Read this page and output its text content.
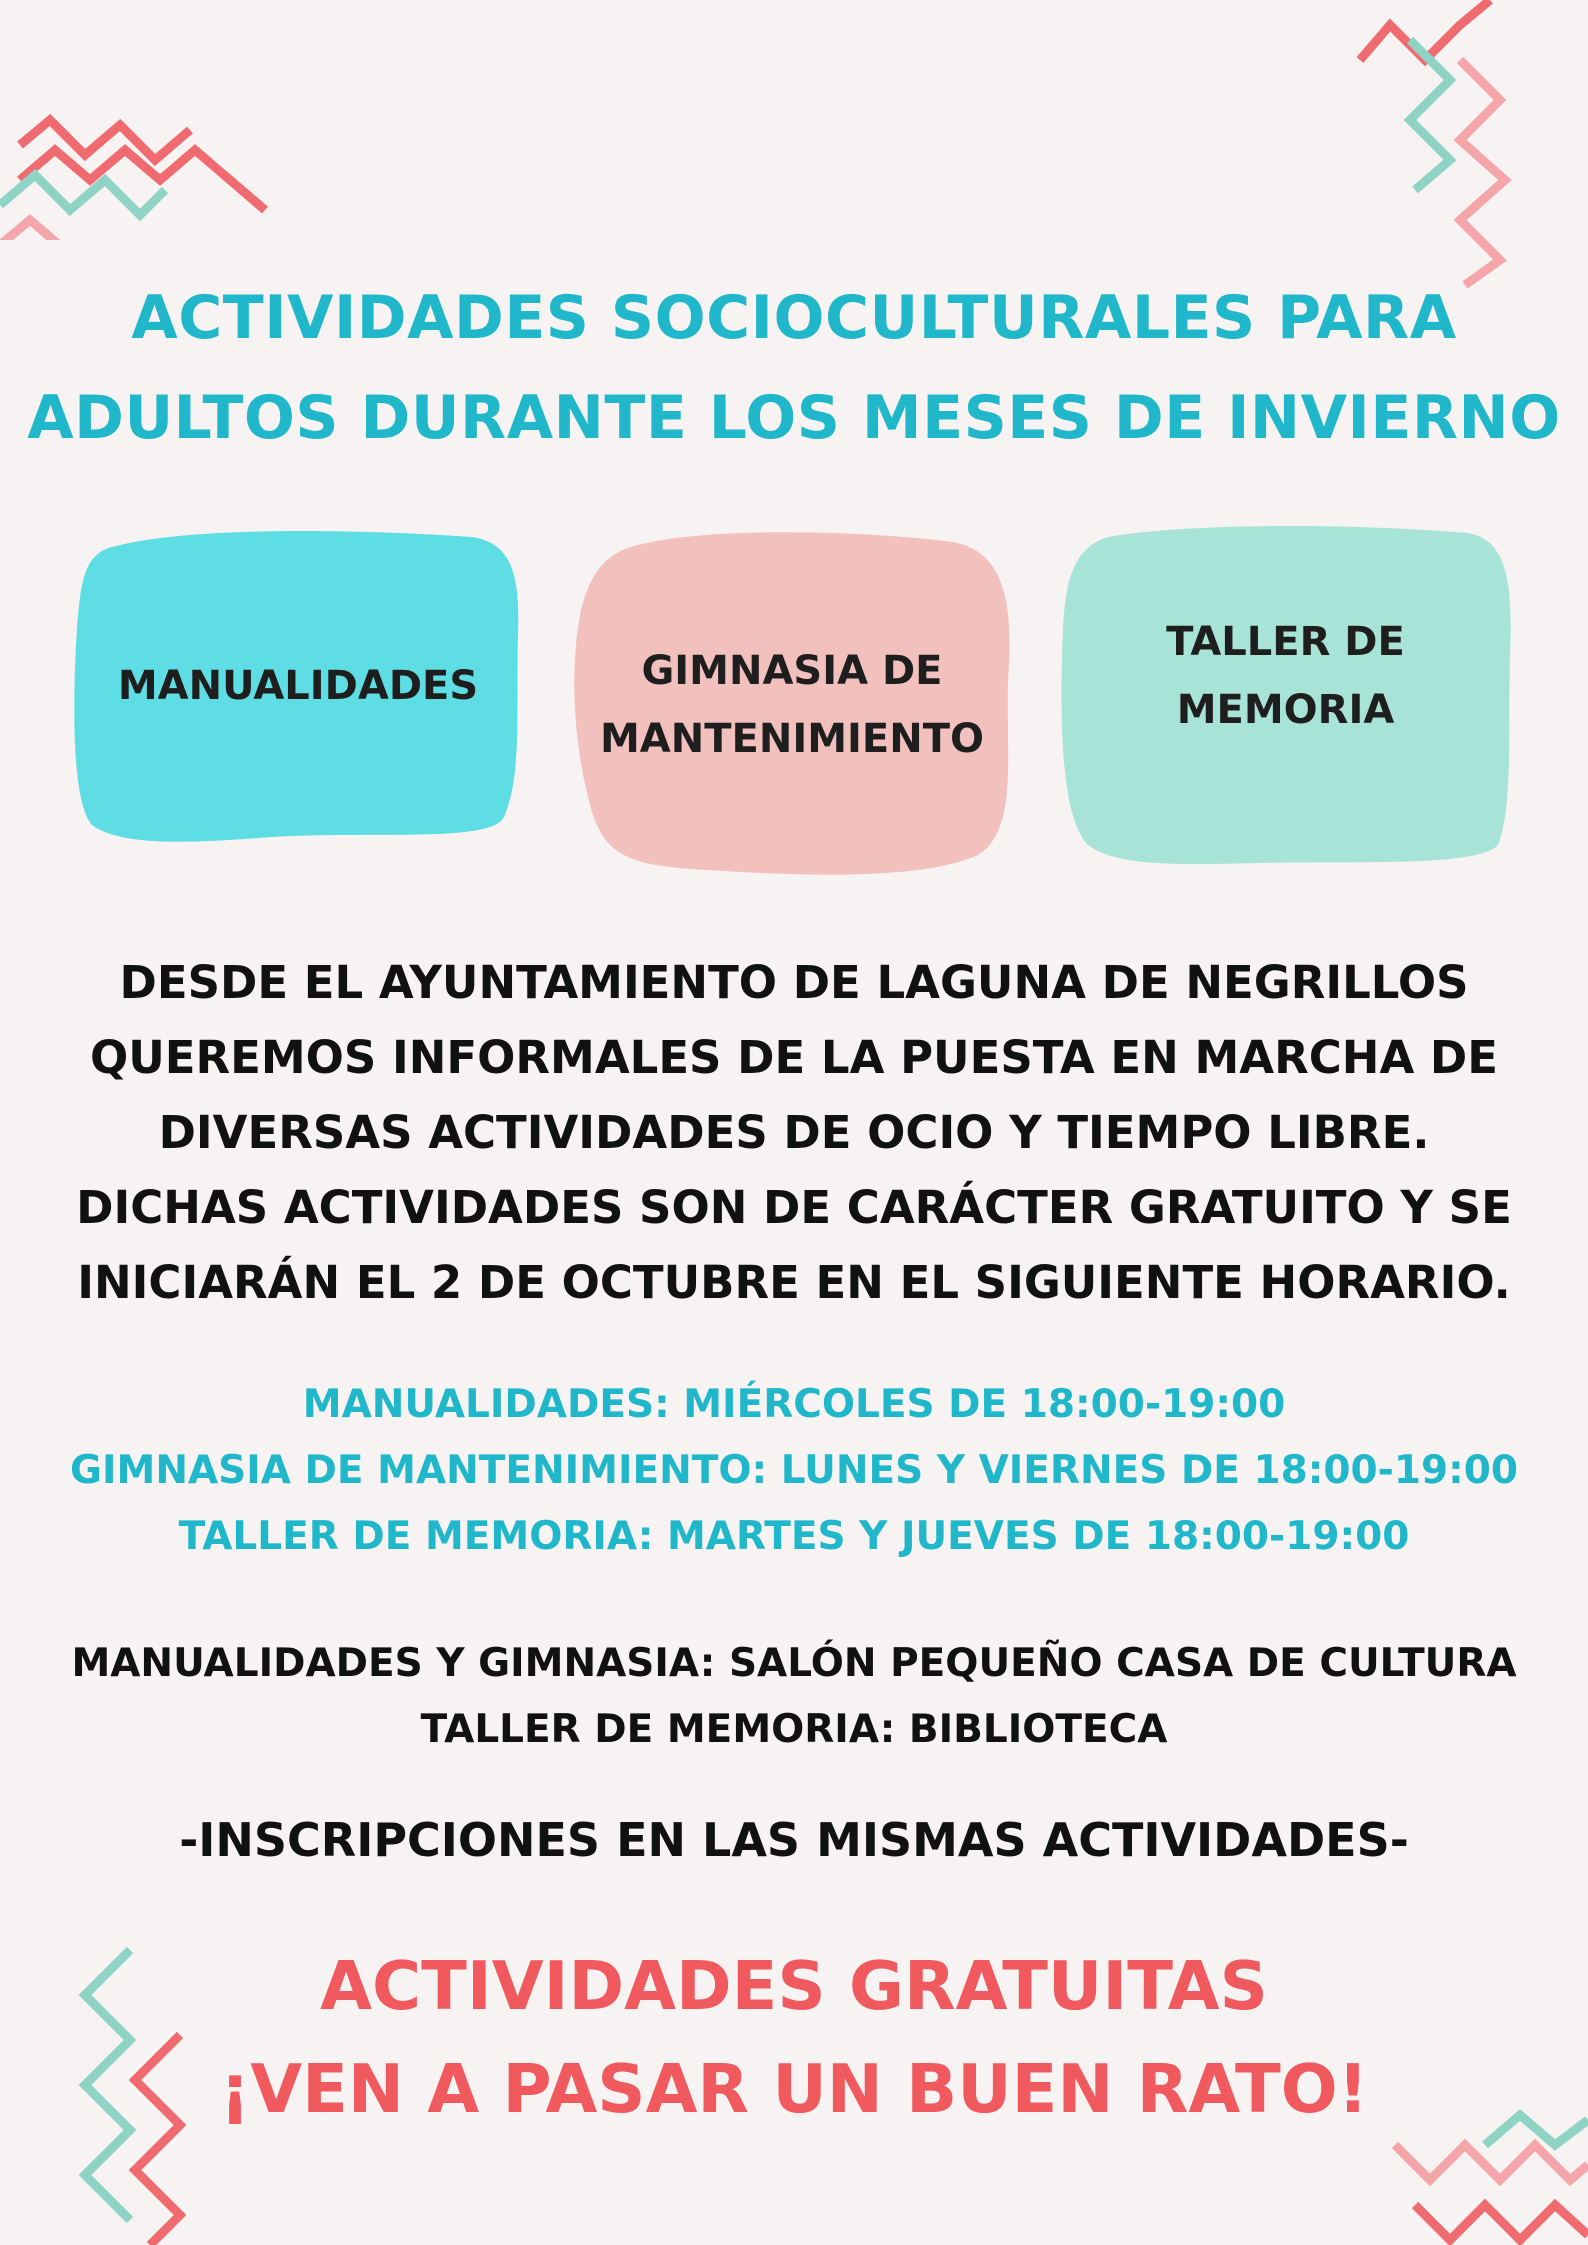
ACTIVIDADES SOCIOCULTURALES PARA
ADULTOS DURANTE LOS MESES DE INVIERNO
MANUALIDADES	GIMNASIA DE
MANTENIMIENTO
TALLER DE
MEMORIA
DESDE EL AYUNTAMIENTO DE LAGUNA DE NEGRILLOS
QUEREMOS INFORMALES DE LA PUESTA EN MARCHA DE
DIVERSAS ACTIVIDADES DE OCIO Y TIEMPO LIBRE.
DICHAS ACTIVIDADES SON DE CARÁCTER GRATUITO Y SE
INICIARÁN EL 2 DE OCTUBRE EN EL SIGUIENTE HORARIO.
MANUALIDADES: MIÉRCOLES DE 18:00-19:00
GIMNASIA DE MANTENIMIENTO: LUNES Y VIERNES DE 18:00-19:00
TALLER DE MEMORIA: MARTES Y JUEVES DE 18:00-19:00
MANUALIDADES Y GIMNASIA: SALÓN PEQUEÑO CASA DE CULTURA
TALLER DE MEMORIA: BIBLIOTECA
-INSCRIPCIONES EN LAS MISMAS ACTIVIDADES-
ACTIVIDADES GRATUITAS
¡VEN A PASAR UN BUEN RATO!
